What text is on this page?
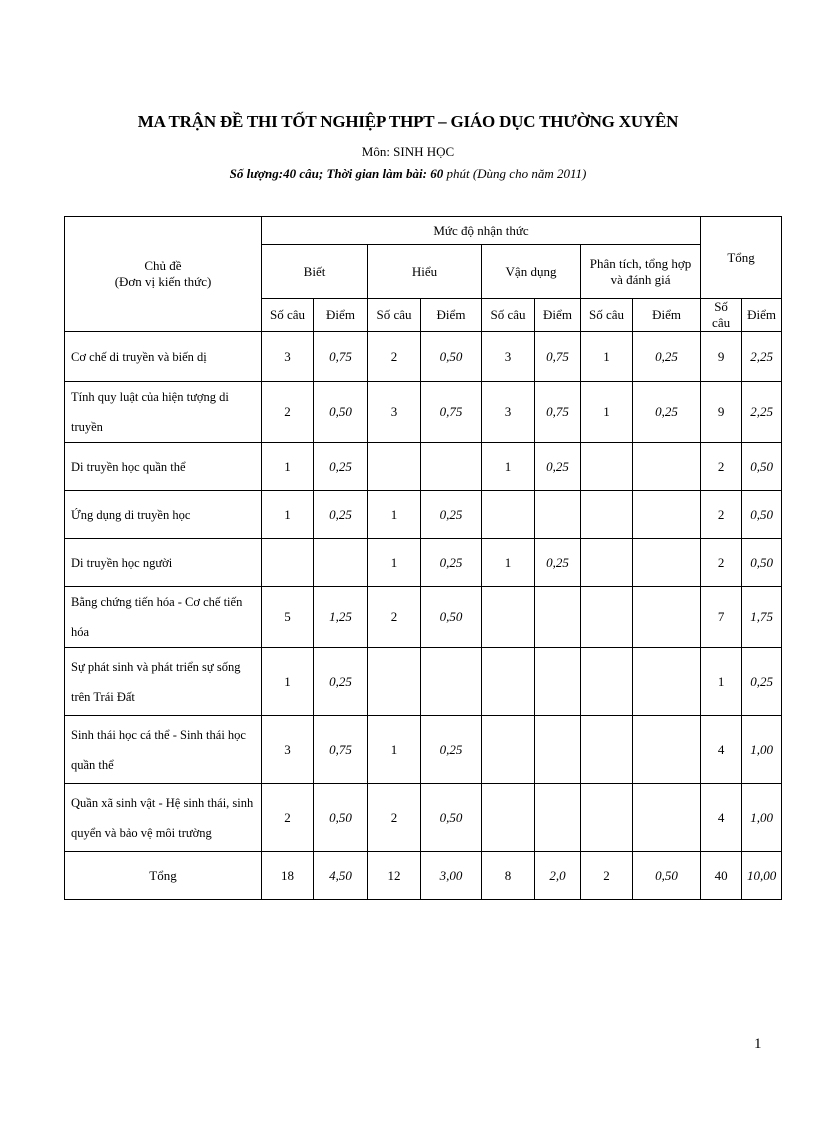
MA TRẬN ĐỀ THI TỐT NGHIỆP THPT – GIÁO DỤC THƯỜNG XUYÊN
Môn: SINH HỌC
Số lượng:40 câu; Thời gian làm bài: 60 phút (Dùng cho năm 2011)
Chủ đề
(Đơn vị kiến thức)	Mức độ nhận thức								Tổng	
	Biết		Hiểu		Vận dụng		Phân tích, tổng hợp và đánh giá			
	Số câu	Điểm	Số câu	Điểm	Số câu	Điểm	Số câu	Điểm	Số câu	Điểm
Cơ chế di truyền và biến dị	3	0,75	2	0,50	3	0,75	1	0,25	9	2,25
Tính quy luật của hiện tượng di truyền	2	0,50	3	0,75	3	0,75	1	0,25	9	2,25
Di truyền học quần thể	1	0,25			1	0,25			2	0,50
Ứng dụng di truyền học	1	0,25	1	0,25					2	0,50
Di truyền học người			1	0,25	1	0,25			2	0,50
Bằng chứng tiến hóa - Cơ chế tiến hóa	5	1,25	2	0,50					7	1,75
Sự phát sinh và phát triển sự sống trên Trái Đất	1	0,25							1	0,25
Sinh thái học cá thể - Sinh thái học quần thể	3	0,75	1	0,25					4	1,00
Quần xã sinh vật - Hệ sinh thái, sinh quyển và bảo vệ môi trường	2	0,50	2	0,50					4	1,00
Tổng	18	4,50	12	3,00	8	2,0	2	0,50	40	10,00
1
